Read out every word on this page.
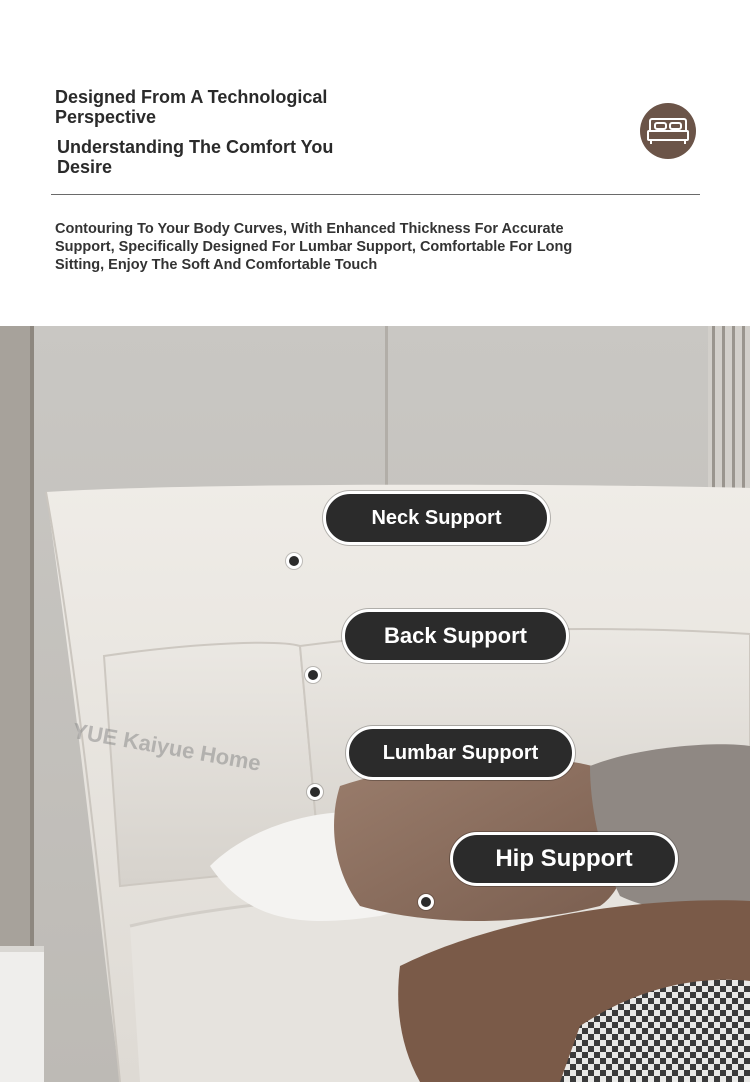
Designed From A Technological Perspective
Understanding The Comfort You Desire
Contouring To Your Body Curves, With Enhanced Thickness For Accurate Support, Specifically Designed For Lumbar Support, Comfortable For Long Sitting, Enjoy The Soft And Comfortable Touch
YUE Kaiyue Home
Neck Support
Back Support
Lumbar Support
Hip Support
